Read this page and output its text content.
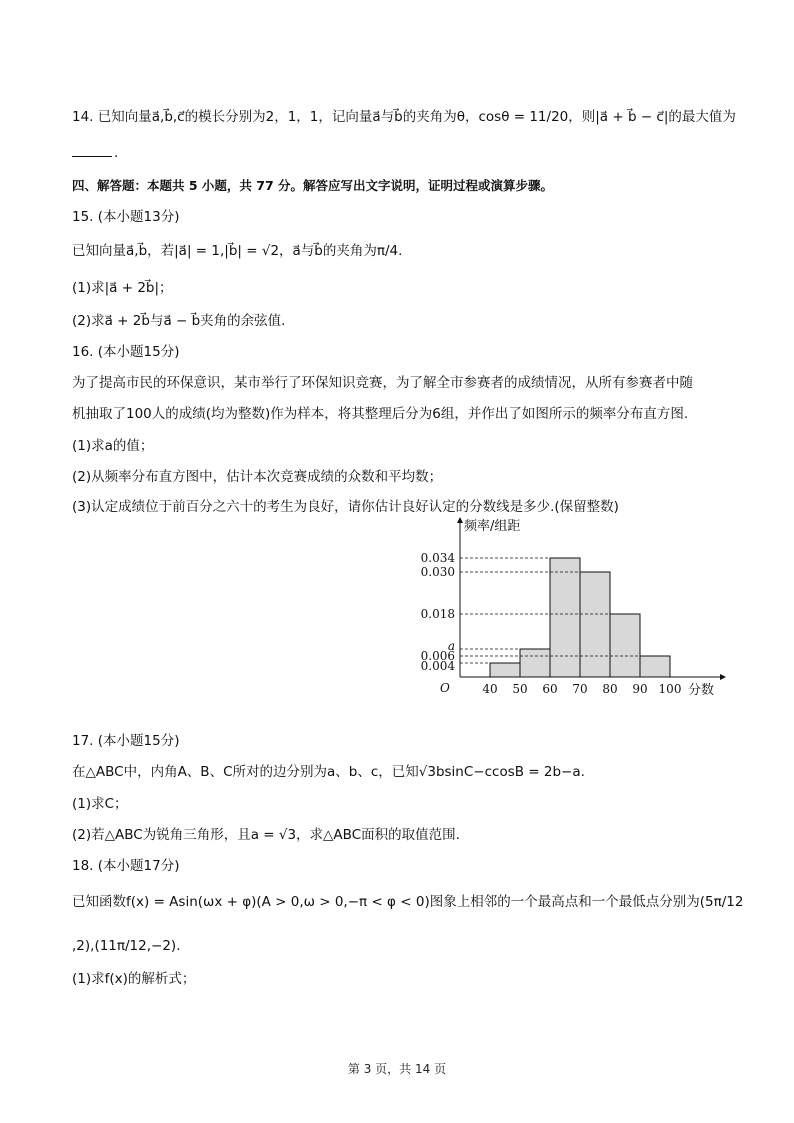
14. 已知向量a⃗,b⃗,c⃗的模长分别为2，1，1，记向量a⃗与b⃗的夹角为θ，cosθ = 11/20，则|a⃗ + b⃗ − c⃗|的最大值为
.
四、解答题：本题共 5 小题，共 77 分。解答应写出文字说明，证明过程或演算步骤。
15. (本小题13分)
已知向量a⃗,b⃗，若|a⃗| = 1,|b⃗| = √2，a⃗与b⃗的夹角为π/4.
(1)求|a⃗ + 2b⃗|；
(2)求a⃗ + 2b⃗与a⃗ − b⃗夹角的余弦值.
16. (本小题15分)
为了提高市民的环保意识，某市举行了环保知识竞赛，为了解全市参赛者的成绩情况，从所有参赛者中随
机抽取了100人的成绩(均为整数)作为样本，将其整理后分为6组，并作出了如图所示的频率分布直方图.
(1)求a的值；
(2)从频率分布直方图中，估计本次竞赛成绩的众数和平均数；
(3)认定成绩位于前百分之六十的考生为良好，请你估计良好认定的分数线是多少.(保留整数)
频率/组距
分数
O
0.034
0.030
0.018
a
0.006
0.004
40 50 60 70 80 90 100
17. (本小题15分)
在△ABC中，内角A、B、C所对的边分别为a、b、c，已知√3bsinC−ccosB = 2b−a.
(1)求C；
(2)若△ABC为锐角三角形，且a = √3，求△ABC面积的取值范围.
18. (本小题17分)
已知函数f(x) = Asin(ωx + φ)(A > 0,ω > 0,−π < φ < 0)图象上相邻的一个最高点和一个最低点分别为(5π/12
,2),(11π/12,−2).
(1)求f(x)的解析式；
第 3 页，共 14 页
